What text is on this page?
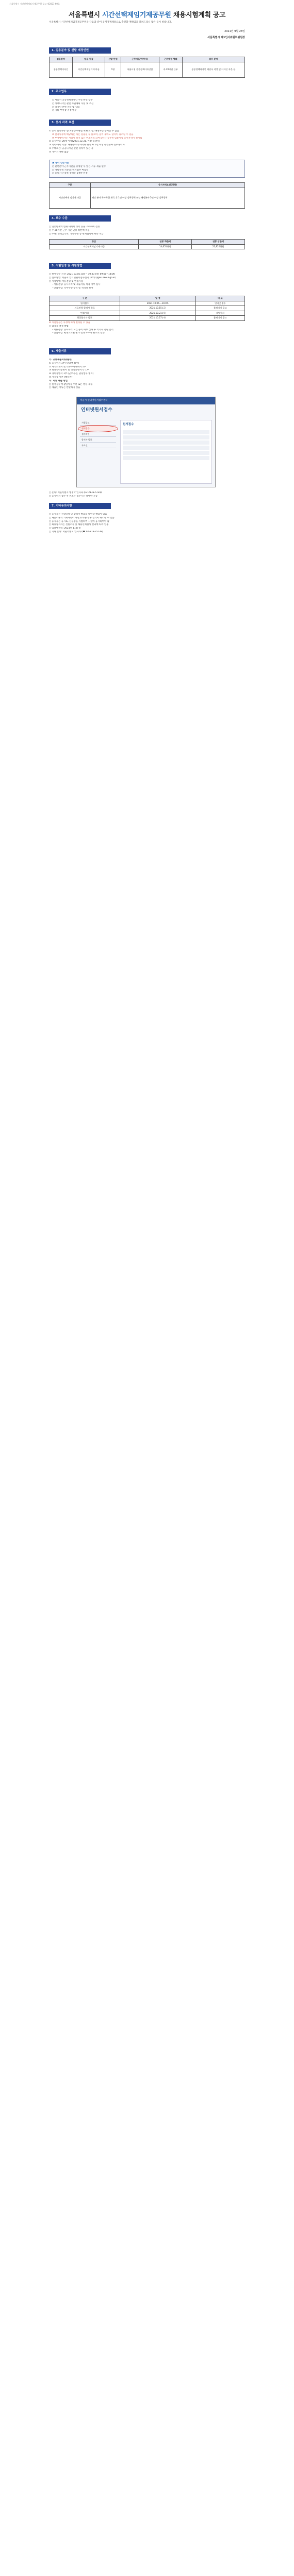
서울특별시 시간선택제임기제공무원 공고 제2021-60호
서울특별시 시간선택제임기제공무원 채용시험계획 공고
서울특별시 시간선택제임기제공무원을 다음과 같이 공개경쟁채용으로 충원할 계획임을 알려드리니 많은 응시 바랍니다.
2021년 9월 28일
서울특별시 제1인사위원회위원장
1. 임용분야 및 선발 예정인원
임용분야	임용 등급	선발 인원	근무지(근무부서)	근무예정 형태	업무 분야
공공정책디자인	시간선택제임기제 마급	1명	서울시청 공공정책디자인팀	주 20시간 근무	공공정책디자인 제안서 작성 및 디자인 자문 등
2. 주요업무
○ 서울시 공공정책디자인 추진 관련 업무
○ 정책디자인 관련 사업계획 수립 및 추진
○ 디자인 관련 자문 및 심의
○ 기타 부서장 지정 업무
3. 응시 자격 요건
① 응시 결격사유 등(지방공무원법 제31조 등) 해당자는 응시할 수 없음
※ 결격사유에 해당하는 자는 임용될 수 없으며, 합격 후에도 합격이 취소될 수 있음
※ 부정행위자는 시험이 정지 또는 무효처리 되며 5년간 공무원 임용시험 응시자격이 정지됨
② 응시연령: 20세 이상(2001.12.31. 이전 출생자)
③ 학력·경력 기준: 해당분야 학사학위 취득 후 1년 이상 관련분야 실무경력자
④ 우대요건: 공공디자인 관련 경력이 있는 자
⑤ 거주지 제한 없음
▣ 경력 인정기준
○ 관련분야 근무기간을 증명할 수 있는 서류 제출 필수
○ 경력산정 기준일: 원서접수 마감일
○ 동일기간 중복 경력은 1개만 인정
구분	응시자격요건(경력)
시간선택제 임기제 마급	해당 분야 학사학위 취득 후 1년 이상 실무경력 또는 해당분야 5년 이상 실무경력
4. 보수 수준
○ 연봉한계액 범위 내에서 경력 등을 고려하여 결정
○ 주 20시간 근무 기준 연봉 하한액 적용
○ 수당: 정액급식비, 가족수당 등 관계법령에 따라 지급
등급	연봉 하한액	연봉 상한액
시간선택제임기제 마급	14,651천원	21,920천원
5. 시험일정 및 시험방법
○ 원서접수 기간: 2021.10.05.(화) ~ 10.07.(목) 09:00~18:00
○ 접수방법: 서울시 인터넷원서접수센터 (http://gosi.seoul.go.kr)
○ 시험방법: 서류전형 및 면접시험
- 서류전형: 응시자격 및 제출서류 적격 여부 심사
- 면접시험: 직무수행 능력 및 적격성 평가
구 분	일 정	비 고
원서접수	2021.10.05.~10.07.	인터넷 접수
서류전형 합격자 발표	2021.10.15.(금)	홈페이지 공고
면접시험	2021.10.21.(목)	개별통지
최종합격자 발표	2021.10.27.(수)	홈페이지 공고
※ 시험일정은 사정에 따라 변경될 수 있음
○ 합격자 결정 방법
- 서류전형: 응시자격 요건 충족 여부 심사 후 적격자 전원 합격
- 면접시험: 평정요소별 평가 결과 우수자 순으로 결정
6. 제출서류
가. 공통제출서류(필수)
① 응시원서 1부 (인터넷 접수)
② 자기소개서 및 직무수행계획서 1부
③ 최종학력증명서 및 성적증명서 각 1부
④ 경력증명서 1부 (근무기간, 담당업무 명시)
⑤ 자격증 사본 (해당자)
나. 서류 제출 방법
○ 원서접수 마감일까지 우편 또는 방문 제출
○ 제출된 서류는 반환하지 않음
서울시 인터넷원서접수센터
인터넷원서접수
시험공고
원서접수
접수확인
합격자 발표
자료실
원서접수
○ 문의: 서울특별시 행정국 인사과 (02-2133-5739)
○ 응시원서 접수 후 취소는 접수기간 내에만 가능
7. 기타유의사항
○ 응시자는 시험일정 및 합격자 발표를 확인할 책임이 있음
○ 제출서류의 기재사항이 사실과 다른 경우 합격이 취소될 수 있음
○ 응시자는 응시표, 신분증을 지참하여 시험에 응시하여야 함
○ 최종합격자는 신원조사 및 채용신체검사 결과에 따라 임용
○ 임용예정일: 2021년 11월 중
○ 기타 문의: 서울특별시 인사과 (☎ 02-2133-5739)
